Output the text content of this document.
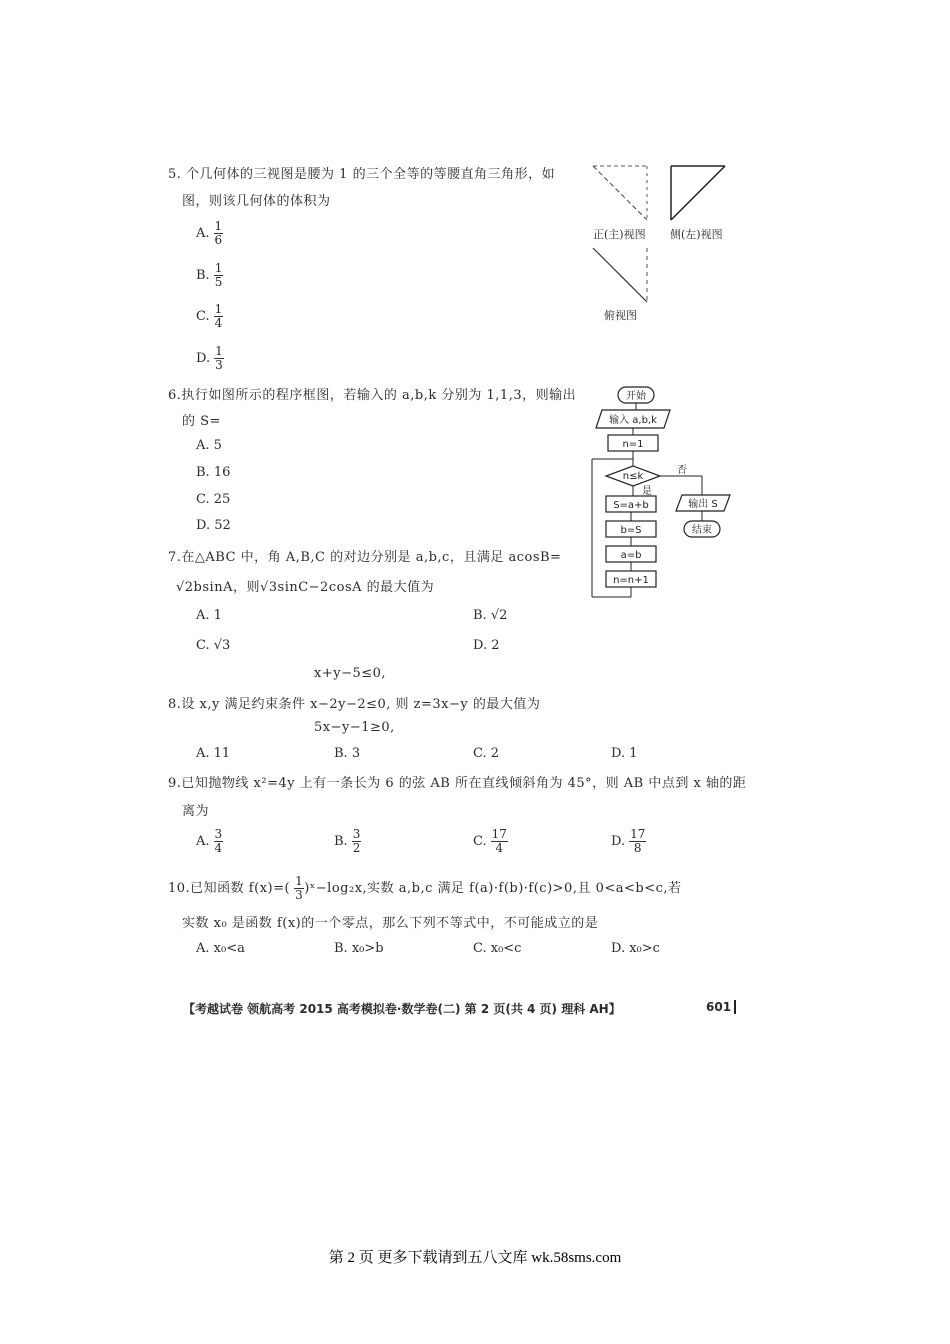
5. 个几何体的三视图是腰为 1 的三个全等的等腰直角三角形，如
图，则该几何体的体积为
A. $\frac{1}{6}$
B. $\frac{1}{5}$
C. $\frac{1}{4}$
D. $\frac{1}{3}$
正(主)视图 侧(左)视图
俯视图
6.执行如图所示的程序框图，若输入的 a,b,k 分别为 1,1,3，则输出
的 S=
A. 5
B. 16
C. 25
D. 52
开始
输入 a,b,k
n=1
n≤k
是
否
输出 S
结束
S=a+b
b=S
a=b
n=n+1
7.在△ABC 中，角 A,B,C 的对边分别是 a,b,c，且满足 acosB=
√2bsinA，则√3sinC−2cosA 的最大值为
A. 1	B. √2
C. √3	D. 2
x+y−5≤0,
8.设 x,y 满足约束条件 x−2y−2≤0, 则 z=3x−y 的最大值为
5x−y−1≥0,
A. 11	B. 3	C. 2	D. 1
9.已知抛物线 x²=4y 上有一条长为 6 的弦 AB 所在直线倾斜角为 45°，则 AB 中点到 x 轴的距
离为
A. $\frac{3}{4}$	B. $\frac{3}{2}$	C. $\frac{17}{4}$	D. $\frac{17}{8}$
10.已知函数 $f(x)=( \frac{1}{3}$ )ˣ−log₂x,实数 a,b,c 满足 f(a)·f(b)·f(c)>0,且 0<a<b<c,若
实数 x₀ 是函数 f(x)的一个零点，那么下列不等式中，不可能成立的是
A. x₀<a	B. x₀>b	C. x₀<c	D. x₀>c
【考越试卷 领航高考 2015 高考模拟卷·数学卷(二) 第 2 页(共 4 页) 理科 AH】	601
第 2 页 更多下载请到五八文库 wk.58sms.com
